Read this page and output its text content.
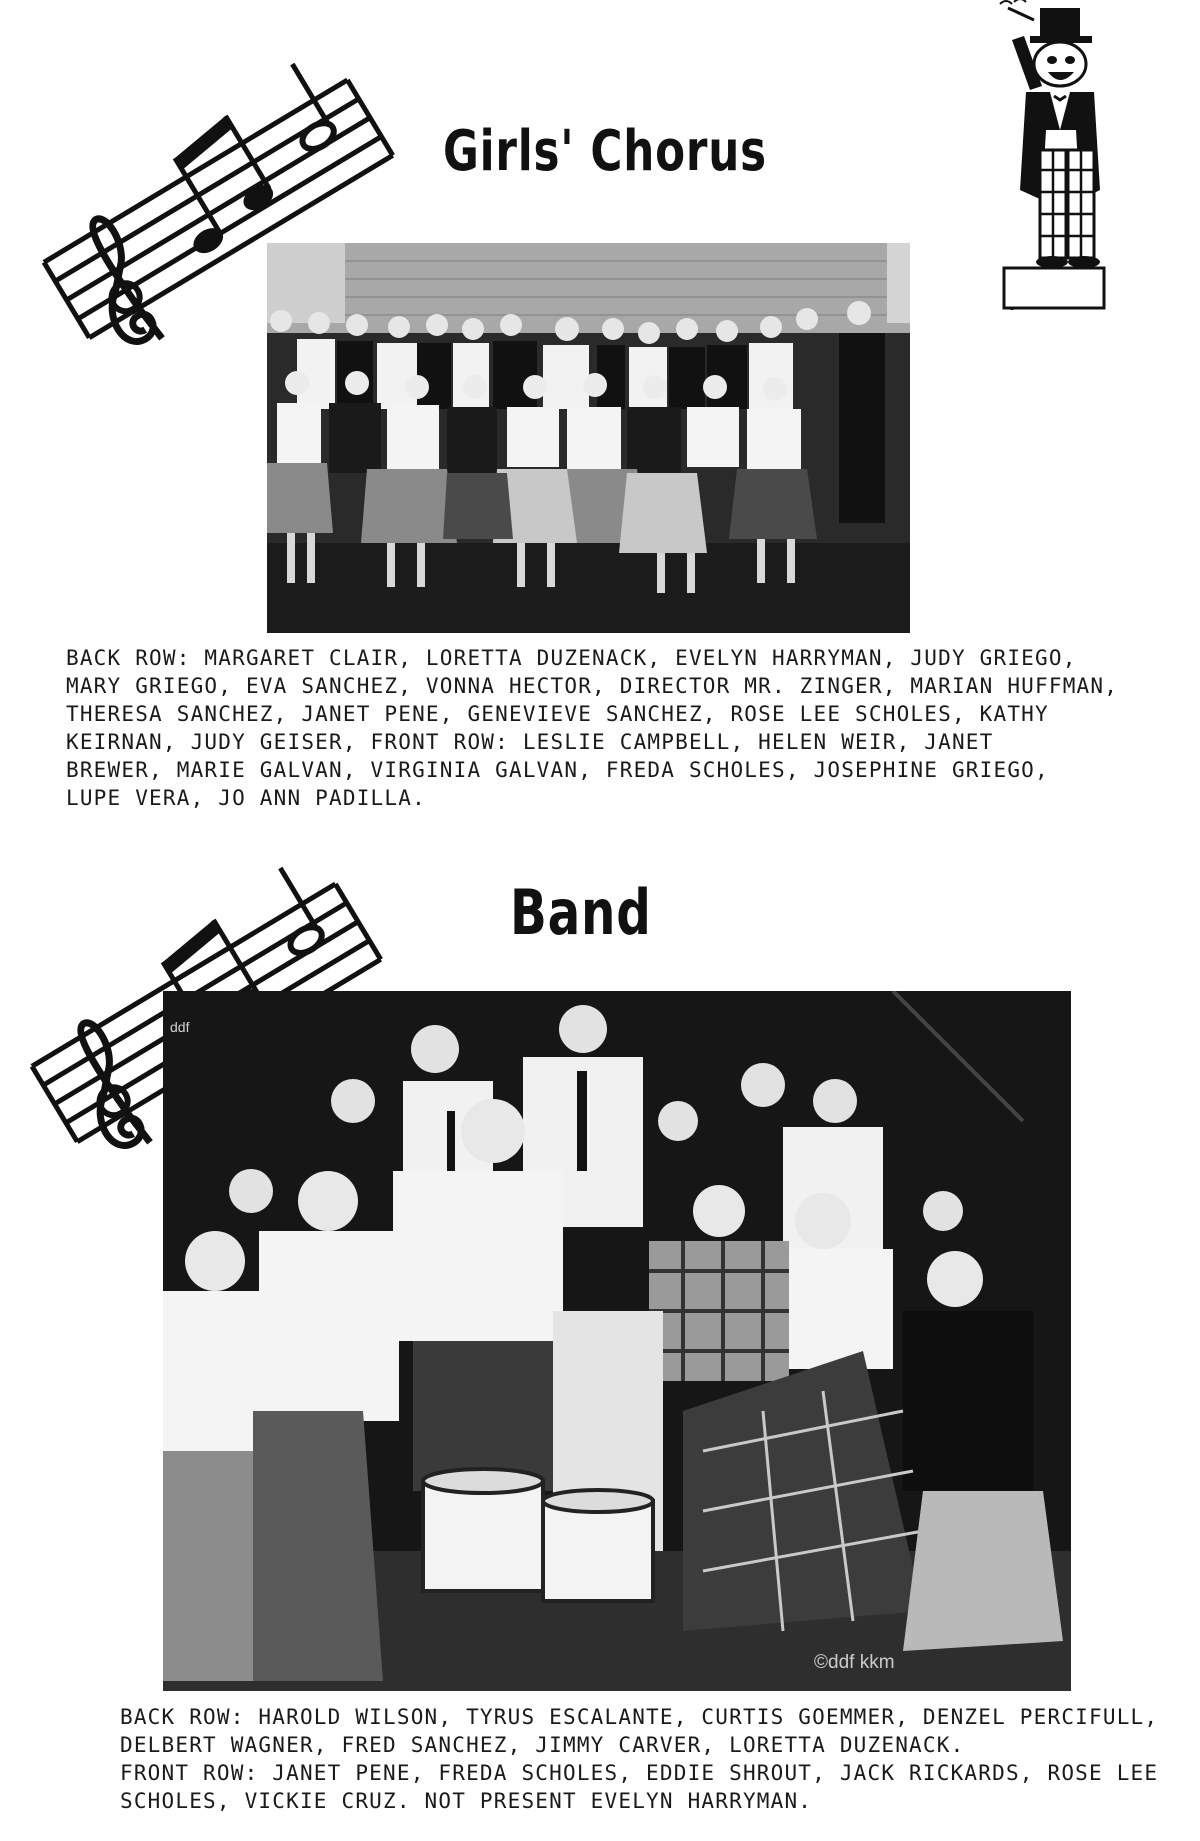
Girls' Chorus
BACK ROW: MARGARET CLAIR, LORETTA DUZENACK, EVELYN HARRYMAN, JUDY GRIEGO,
MARY GRIEGO, EVA SANCHEZ, VONNA HECTOR, DIRECTOR MR. ZINGER, MARIAN HUFFMAN,
THERESA SANCHEZ, JANET PENE, GENEVIEVE SANCHEZ, ROSE LEE SCHOLES, KATHY
KEIRNAN, JUDY GEISER, FRONT ROW: LESLIE CAMPBELL, HELEN WEIR, JANET
BREWER, MARIE GALVAN, VIRGINIA GALVAN, FREDA SCHOLES, JOSEPHINE GRIEGO,
LUPE VERA, JO ANN PADILLA.
Band
ddf
©ddf kkm
BACK ROW: HAROLD WILSON, TYRUS ESCALANTE, CURTIS GOEMMER, DENZEL PERCIFULL,
DELBERT WAGNER, FRED SANCHEZ, JIMMY CARVER, LORETTA DUZENACK.
FRONT ROW: JANET PENE, FREDA SCHOLES, EDDIE SHROUT, JACK RICKARDS, ROSE LEE
SCHOLES, VICKIE CRUZ. NOT PRESENT EVELYN HARRYMAN.
